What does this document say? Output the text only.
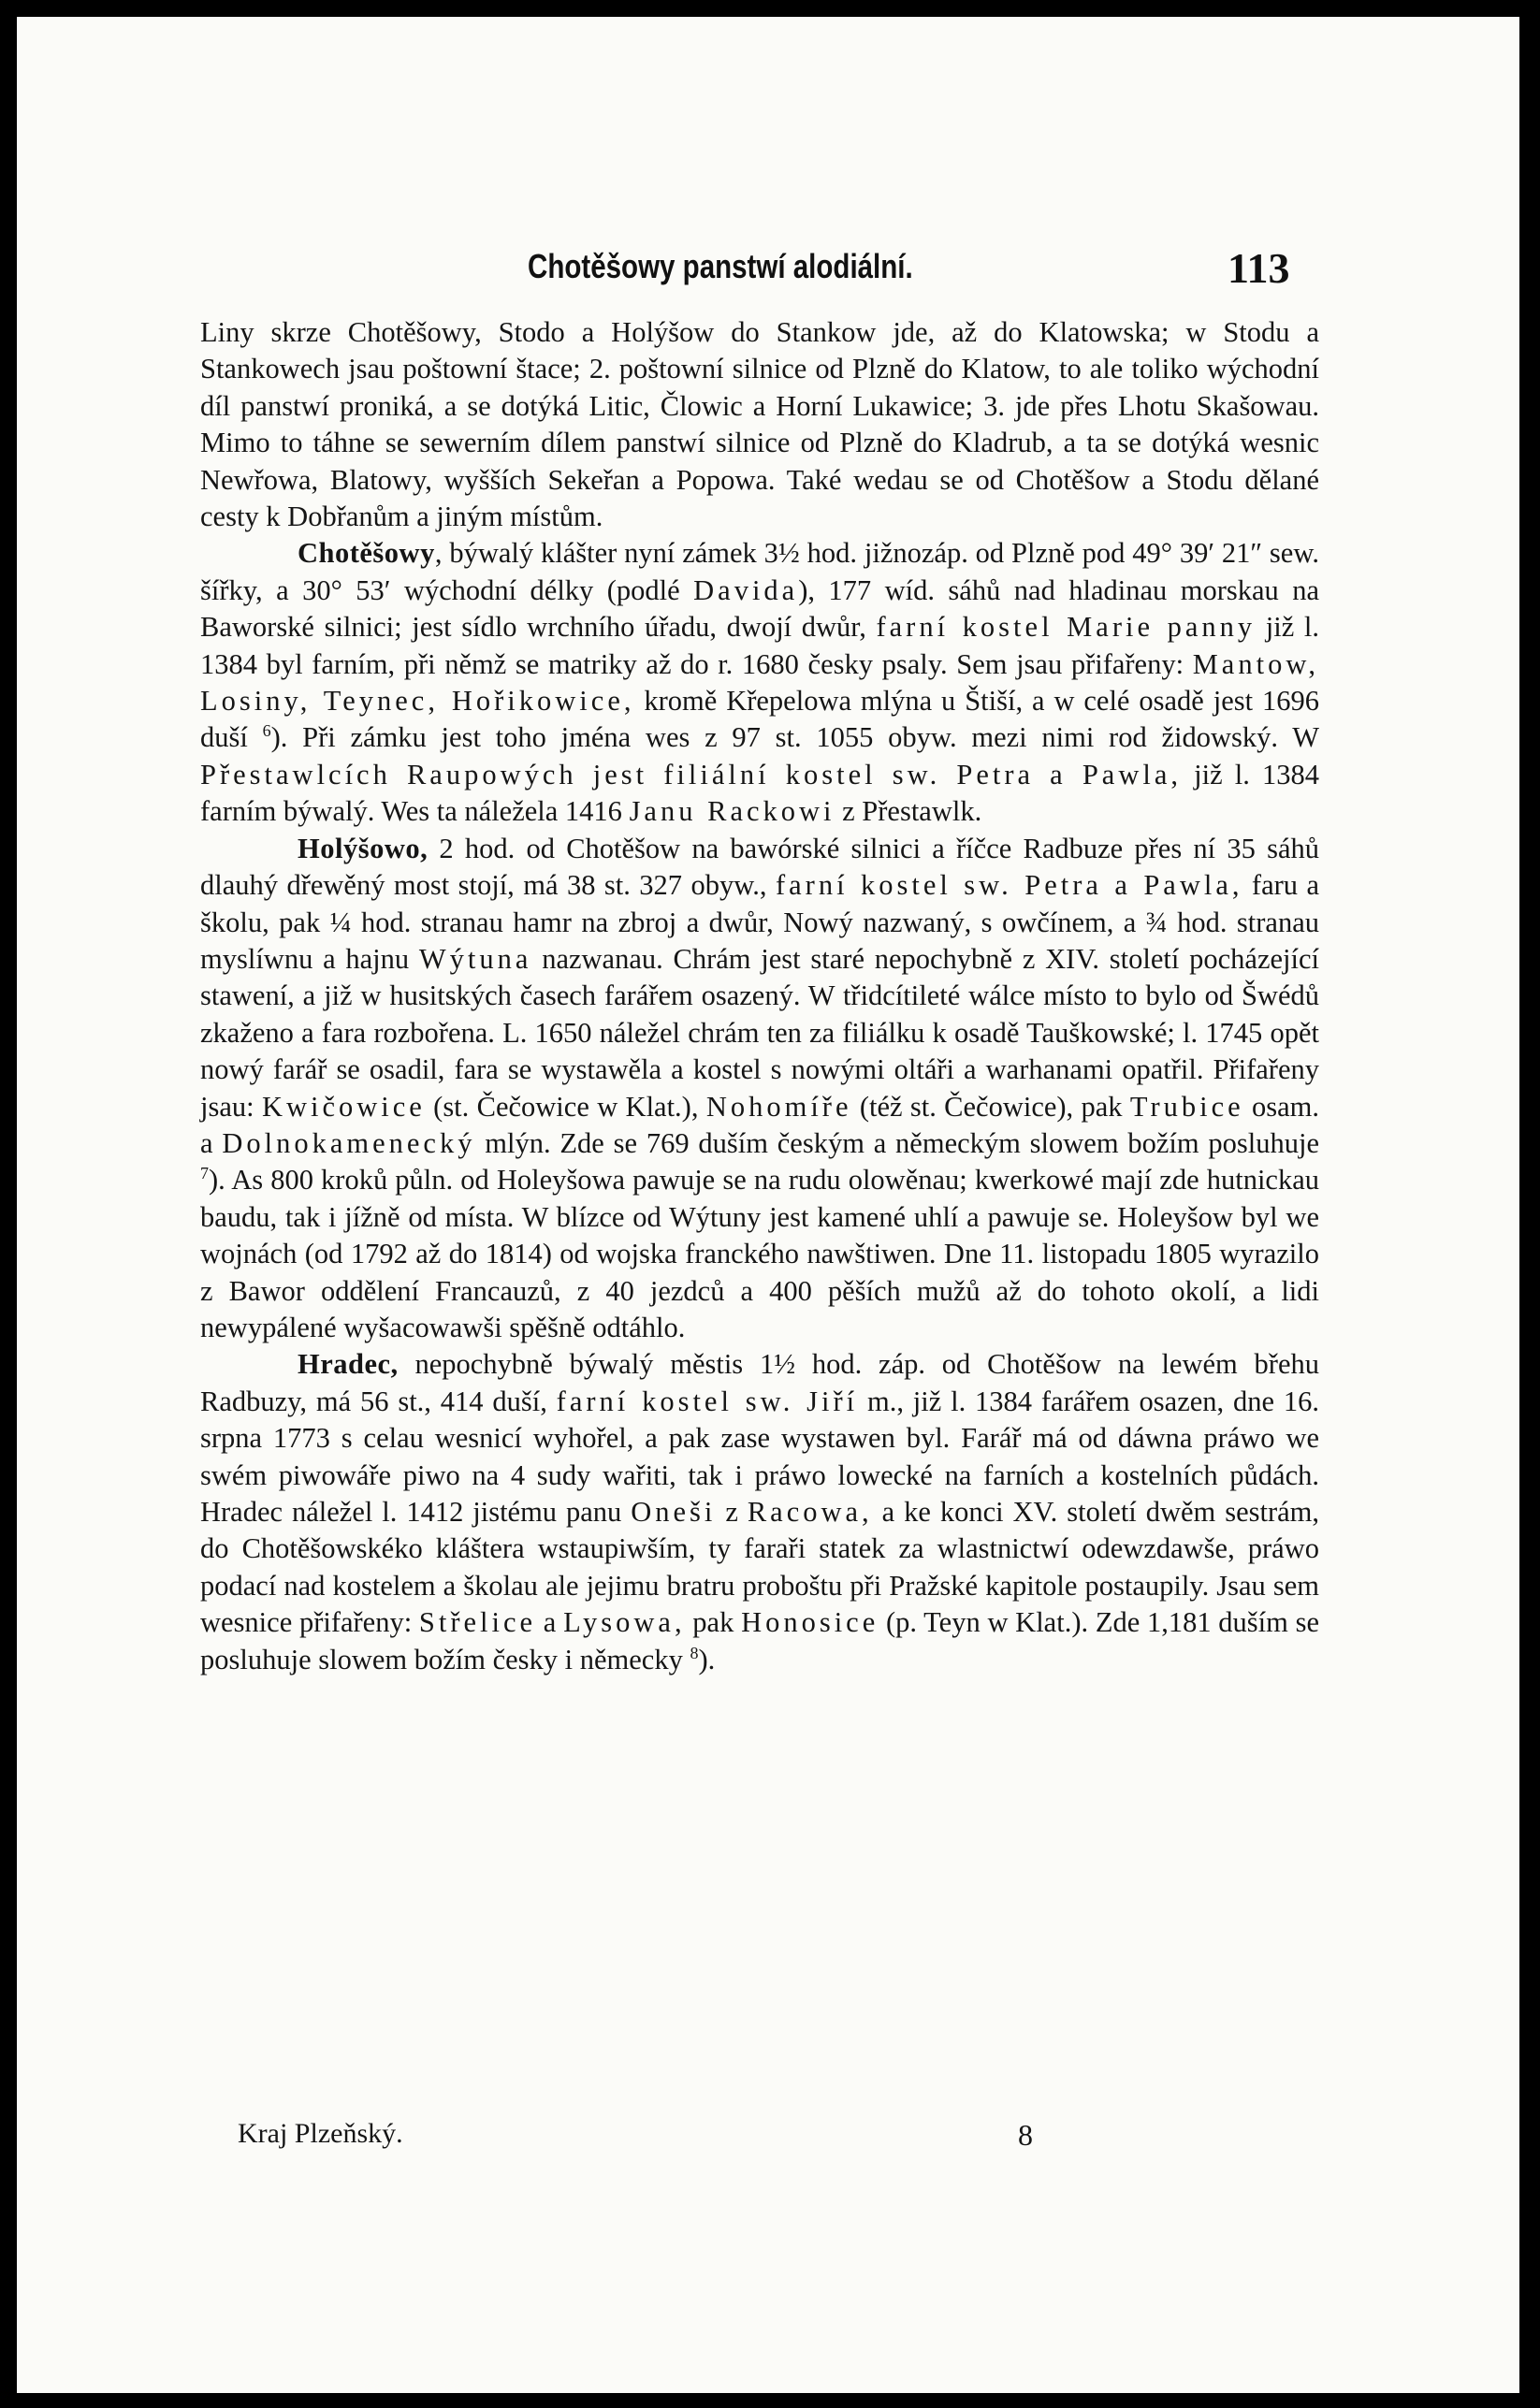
Chotěšowy panstwí alodiální.	113

Liny skrze Chotěšowy, Stodo a Holýšow do Stankow jde, až do Klatowska; w Stodu a Stankowech jsau poštowní štace; 2. poštowní silnice od Plzně do Klatow, to ale toliko wýchodní díl panstwí proniká, a se dotýká Litic, Člowic a Horní Lukawice; 3. jde přes Lhotu Skašowau. Mimo to táhne se sewerním dílem panstwí silnice od Plzně do Kladrub, a ta se dotýká wesnic Newřowa, Blatowy, wyšších Sekeřan a Popowa. Také wedau se od Chotěšow a Stodu dělané cesty k Dobřanům a jiným místům.

Chotěšowy, býwalý klášter nyní zámek 3½ hod. jižnozáp. od Plzně pod 49° 39′ 21″ sew. šířky, a 30° 53′ wýchodní délky (podlé Davida), 177 wíd. sáhů nad hladinau morskau na Baworské silnici; jest sídlo wrchního úřadu, dwojí dwůr, farní kostel Marie panny již l. 1384 byl farním, při němž se matriky až do r. 1680 česky psaly. Sem jsau přifařeny: Mantow, Losiny, Teynec, Hořikowice, kromě Křepelowa mlýna u Štiší, a w celé osadě jest 1696 duší $^6$). Při zámku jest toho jména wes z 97 st. 1055 obyw. mezi nimi rod židowský. W Přestawlcích Raupowých jest filiální kostel sw. Petra a Pawla, již l. 1384 farním býwalý. Wes ta náležela 1416 Janu Rackowi z Přestawlk.

Holýšowo, 2 hod. od Chotěšow na bawórské silnici a říčce Radbuze přes ní 35 sáhů dlauhý dřewěný most stojí, má 38 st. 327 obyw., farní kostel sw. Petra a Pawla, faru a školu, pak ¼ hod. stranau hamr na zbroj a dwůr, Nowý nazwaný, s owčínem, a ¾ hod. stranau myslíwnu a hajnu Wýtuna nazwanau. Chrám jest staré nepochybně z XIV. století pocházející stawení, a již w husitských časech farářem osazený. W třidcítileté wálce místo to bylo od Šwédů zkaženo a fara rozbořena. L. 1650 náležel chrám ten za filiálku k osadě Tauškowské; l. 1745 opět nowý farář se osadil, fara se wystawěla a kostel s nowými oltáři a warhanami opatřil. Přifařeny jsau: Kwičowice (st. Čečowice w Klat.), Nohomíře (též st. Čečowice), pak Trubice osam. a Dolnokamenecký mlýn. Zde se 769 duším českým a německým slowem božím posluhuje $^7$). As 800 kroků půln. od Holeyšowa pawuje se na rudu olowěnau; kwerkowé mají zde hutnickau baudu, tak i jížně od místa. W blízce od Wýtuny jest kamené uhlí a pawuje se. Holeyšow byl we wojnách (od 1792 až do 1814) od wojska franckého nawštiwen. Dne 11. listopadu 1805 wyrazilo z Bawor oddělení Francauzů, z 40 jezdců a 400 pěších mužů až do tohoto okolí, a lidi newypálené wyšacowawši spěšně odtáhlo.

Hradec, nepochybně býwalý městis 1½ hod. záp. od Chotěšow na lewém břehu Radbuzy, má 56 st., 414 duší, farní kostel sw. Jiří m., již l. 1384 farářem osazen, dne 16. srpna 1773 s celau wesnicí wyhořel, a pak zase wystawen byl. Farář má od dáwna práwo we swém piwowáře piwo na 4 sudy wařiti, tak i práwo lowecké na farních a kostelních půdách. Hradec náležel l. 1412 jistému panu Oneši z Racowa, a ke konci XV. století dwěm sestrám, do Chotěšowskéko kláštera wstaupiwším, ty faraři statek za wlastnictwí odewzdawše, práwo podací nad kostelem a školau ale jejimu bratru proboštu při Pražské kapitole postaupily. Jsau sem wesnice přifařeny: Střelice a Lysowa, pak Honosice (p. Teyn w Klat.). Zde 1,181 duším se posluhuje slowem božím česky i německy $^8$).

Kraj Plzeňský.	8
